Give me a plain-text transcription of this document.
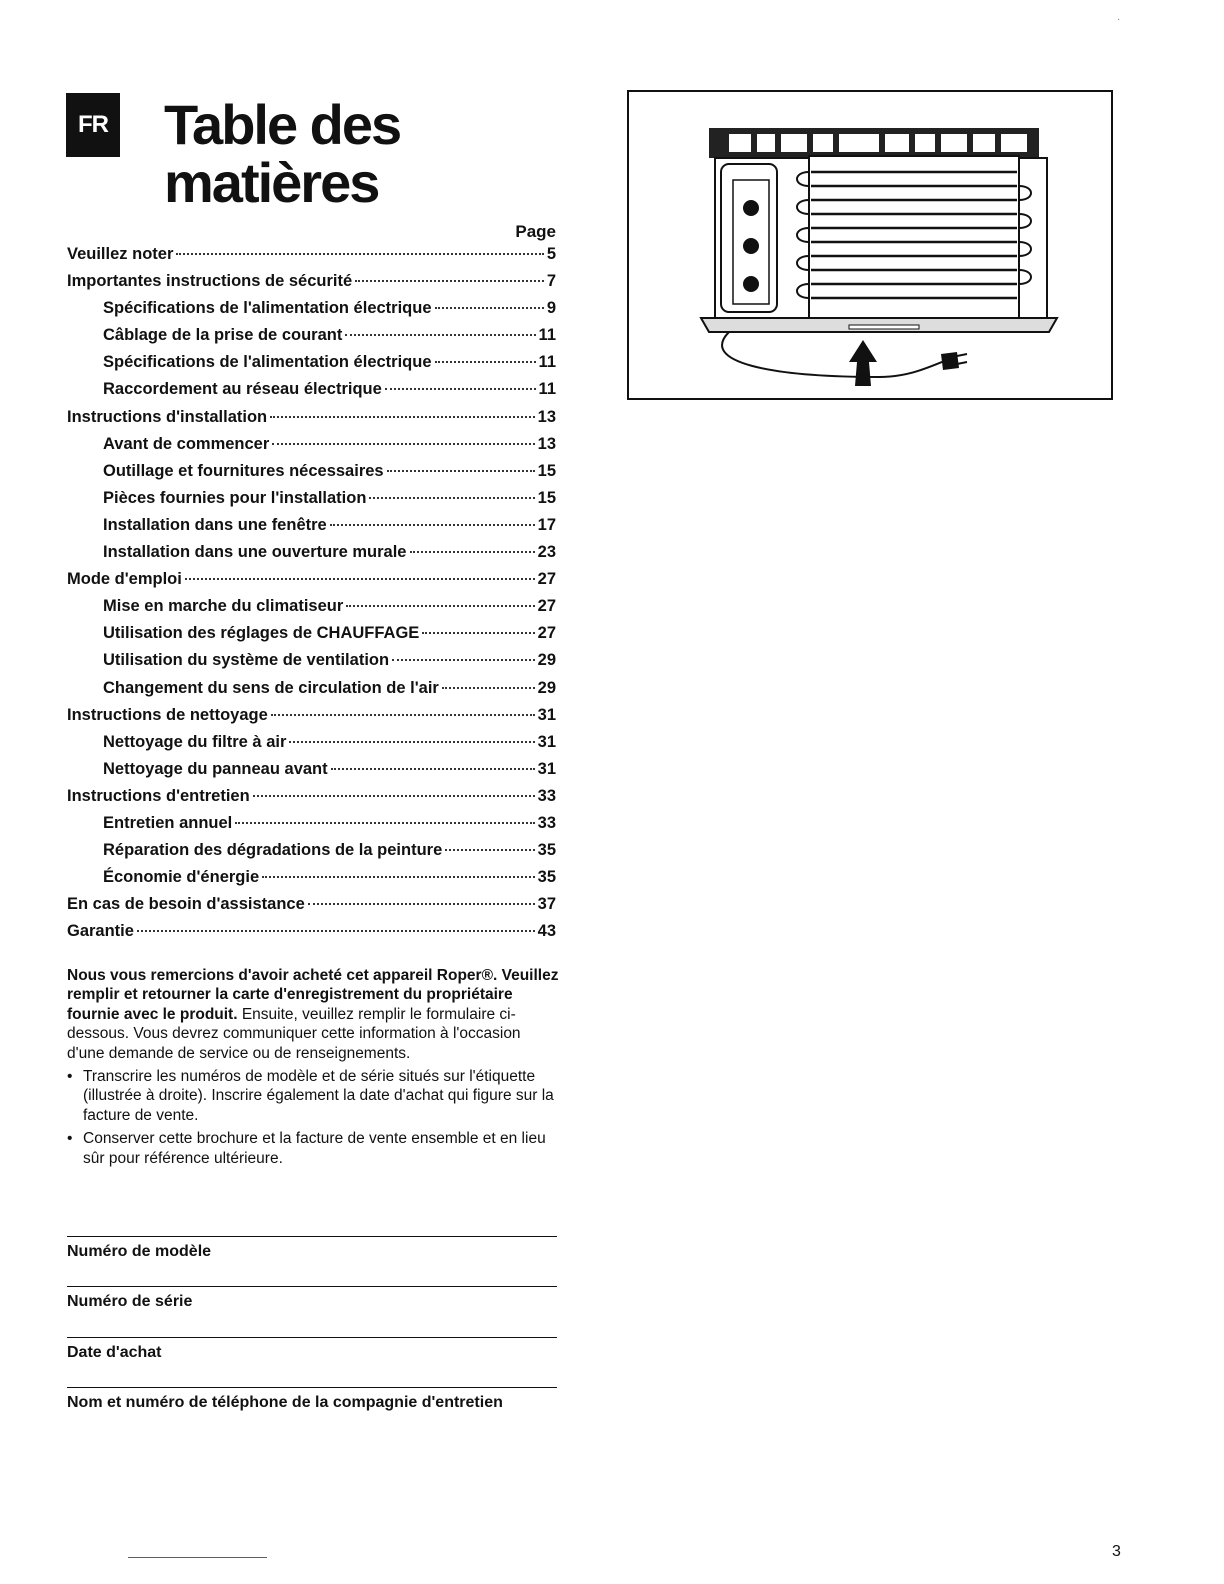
·
FR Table des
matières
Page
Veuillez noter	5
Importantes instructions de sécurité	7
Spécifications de l'alimentation électrique	9
Câblage de la prise de courant	11
Spécifications de l'alimentation électrique	11
Raccordement au réseau électrique	11
Instructions d'installation	13
Avant de commencer	13
Outillage et fournitures nécessaires	15
Pièces fournies pour l'installation	15
Installation dans une fenêtre	17
Installation dans une ouverture murale	23
Mode d'emploi	27
Mise en marche du climatiseur	27
Utilisation des réglages de CHAUFFAGE	27
Utilisation du système de ventilation	29
Changement du sens de circulation de l'air	29
Instructions de nettoyage	31
Nettoyage du filtre à air	31
Nettoyage du panneau avant	31
Instructions d'entretien	33
Entretien annuel	33
Réparation des dégradations de la peinture	35
Économie d'énergie	35
En cas de besoin d'assistance	37
Garantie	43

Nous vous remercions d'avoir acheté cet appareil Roper®. Veuillez remplir et retourner la carte d'enregistrement du propriétaire fournie avec le produit. Ensuite, veuillez remplir le formulaire ci-dessous. Vous devrez communiquer cette information à l'occasion d'une demande de service ou de renseignements.

• Transcrire les numéros de modèle et de série situés sur l'étiquette (illustrée à droite). Inscrire également la date d'achat qui figure sur la facture de vente.
• Conserver cette brochure et la facture de vente ensemble et en lieu sûr pour référence ultérieure.
Numéro de modèle
Numéro de série
Date d'achat
Nom et numéro de téléphone de la compagnie d'entretien
3
